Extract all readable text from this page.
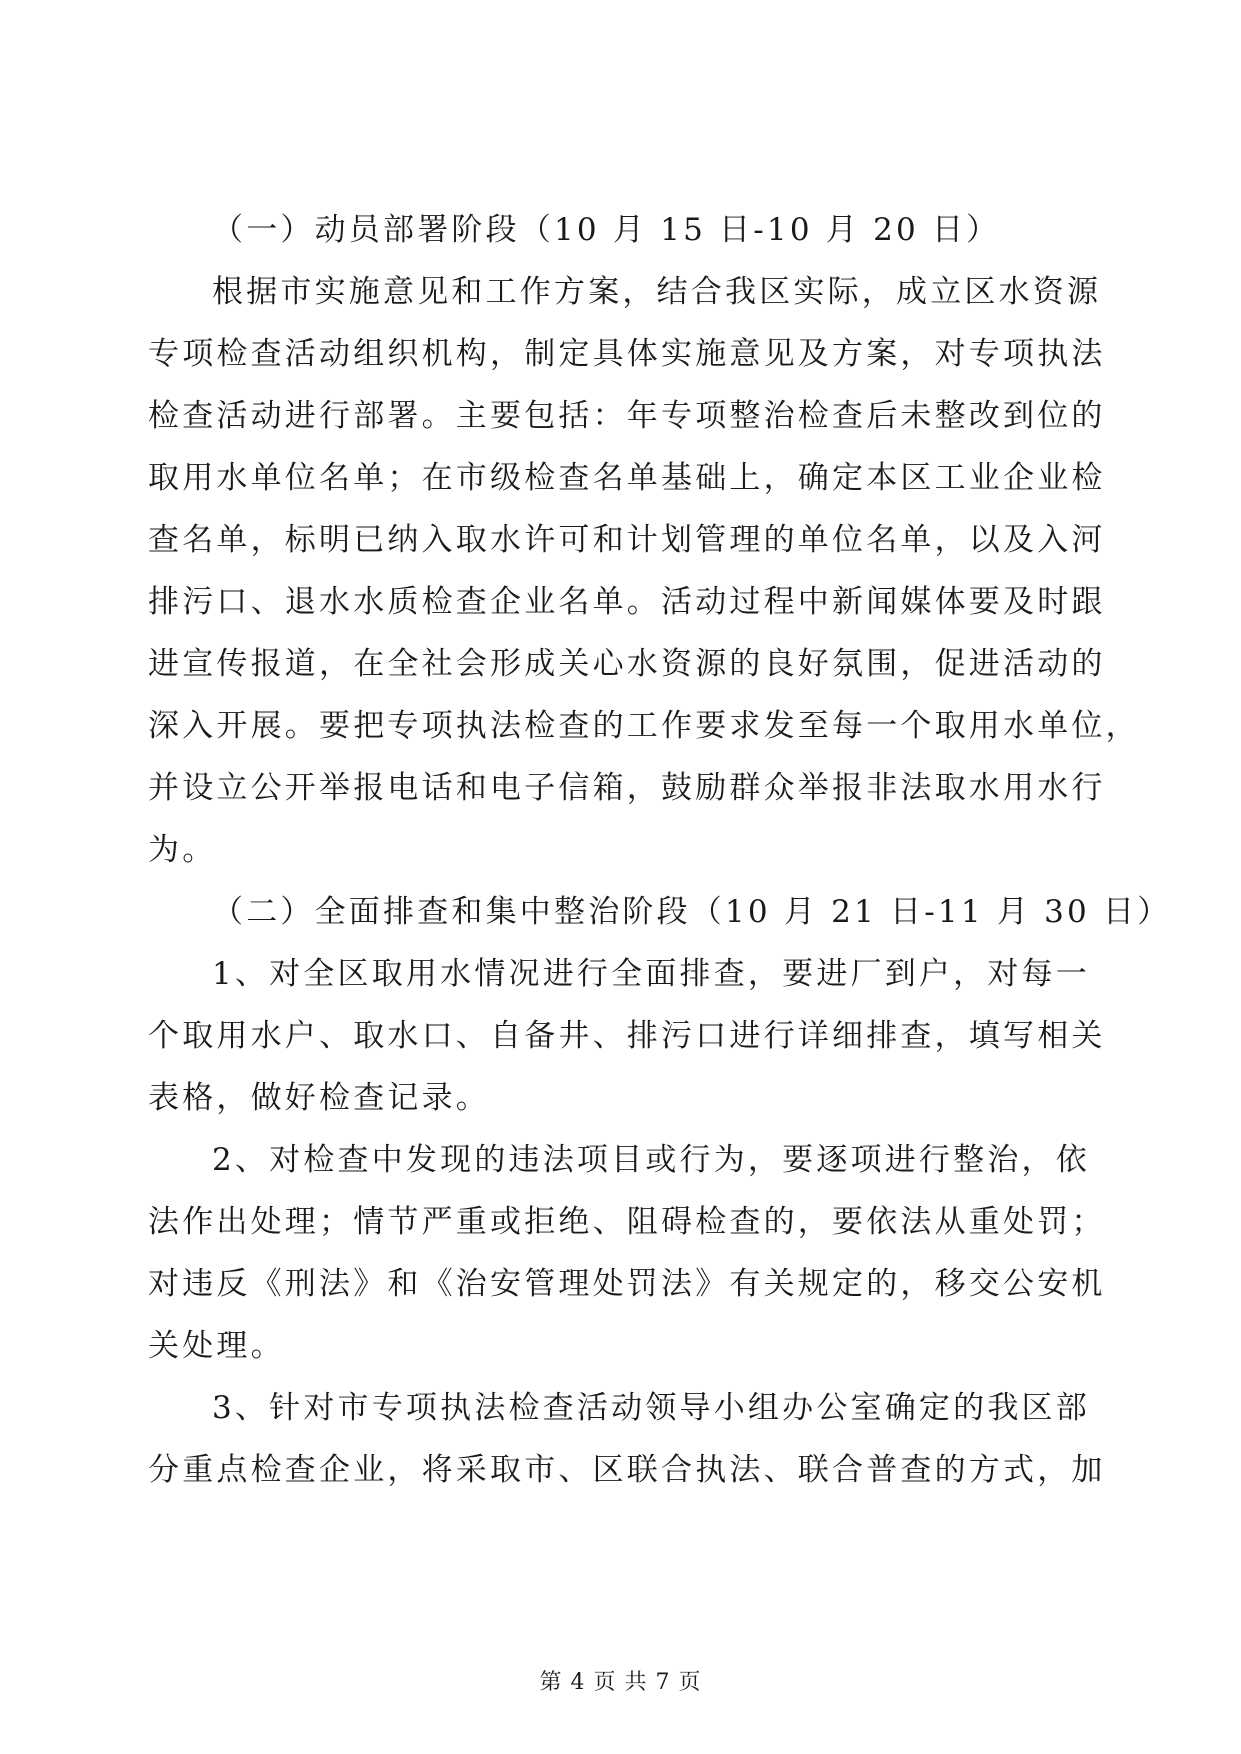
（一）动员部署阶段（10 月 15 日-10 月 20 日）
根据市实施意见和工作方案，结合我区实际，成立区水资源
专项检查活动组织机构，制定具体实施意见及方案，对专项执法
检查活动进行部署。主要包括：年专项整治检查后未整改到位的
取用水单位名单；在市级检查名单基础上，确定本区工业企业检
查名单，标明已纳入取水许可和计划管理的单位名单，以及入河
排污口、退水水质检查企业名单。活动过程中新闻媒体要及时跟
进宣传报道，在全社会形成关心水资源的良好氛围，促进活动的
深入开展。要把专项执法检查的工作要求发至每一个取用水单位，
并设立公开举报电话和电子信箱，鼓励群众举报非法取水用水行
为。
（二）全面排查和集中整治阶段（10 月 21 日-11 月 30 日）
1、对全区取用水情况进行全面排查，要进厂到户，对每一
个取用水户、取水口、自备井、排污口进行详细排查，填写相关
表格，做好检查记录。
2、对检查中发现的违法项目或行为，要逐项进行整治，依
法作出处理；情节严重或拒绝、阻碍检查的，要依法从重处罚；
对违反《刑法》和《治安管理处罚法》有关规定的，移交公安机
关处理。
3、针对市专项执法检查活动领导小组办公室确定的我区部
分重点检查企业，将采取市、区联合执法、联合普查的方式，加
第 4 页 共 7 页
